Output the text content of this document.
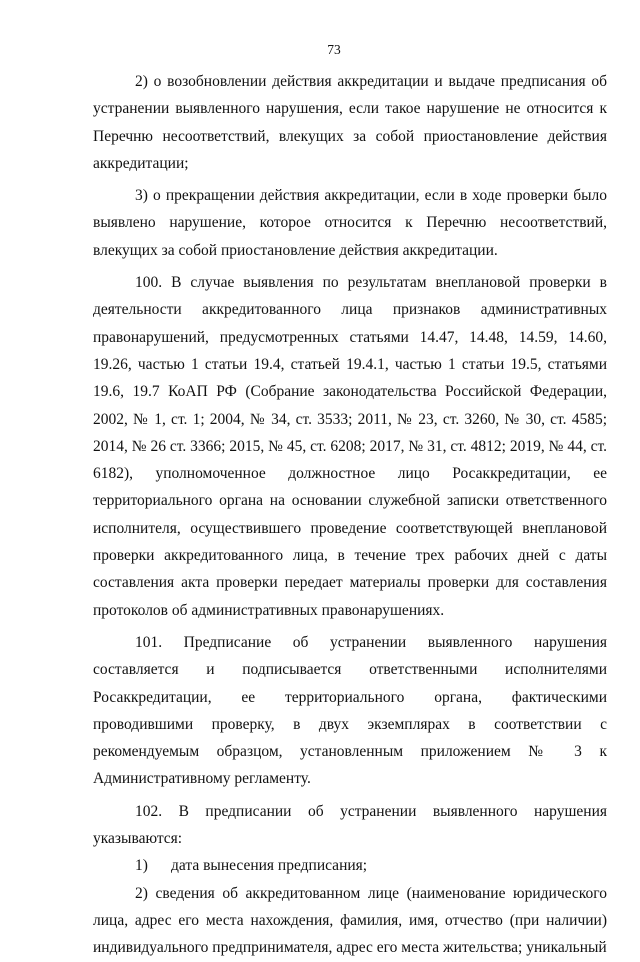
73

2) о возобновлении действия аккредитации и выдаче предписания об устранении выявленного нарушения, если такое нарушение не относится к Перечню несоответствий, влекущих за собой приостановление действия аккредитации;

3) о прекращении действия аккредитации, если в ходе проверки было выявлено нарушение, которое относится к Перечню несоответствий, влекущих за собой приостановление действия аккредитации.

100. В случае выявления по результатам внеплановой проверки в деятельности аккредитованного лица признаков административных правонарушений, предусмотренных статьями 14.47, 14.48, 14.59, 14.60, 19.26, частью 1 статьи 19.4, статьей 19.4.1, частью 1 статьи 19.5, статьями 19.6, 19.7 КоАП РФ (Собрание законодательства Российской Федерации, 2002, № 1, ст. 1; 2004, № 34, ст. 3533; 2011, № 23, ст. 3260, № 30, ст. 4585; 2014, № 26 ст. 3366; 2015, № 45, ст. 6208; 2017, № 31, ст. 4812; 2019, № 44, ст. 6182), уполномоченное должностное лицо Росаккредитации, ее территориального органа на основании служебной записки ответственного исполнителя, осуществившего проведение соответствующей внеплановой проверки аккредитованного лица, в течение трех рабочих дней с даты составления акта проверки передает материалы проверки для составления протоколов об административных правонарушениях.

101. Предписание об устранении выявленного нарушения составляется и подписывается ответственными исполнителями Росаккредитации, ее территориального органа, фактическими проводившими проверку, в двух экземплярах в соответствии с рекомендуемым образцом, установленным приложением № 3 к Административному регламенту.

102. В предписании об устранении выявленного нарушения указываются:

1) дата вынесения предписания;

2) сведения об аккредитованном лице (наименование юридического лица, адрес его места нахождения, фамилия, имя, отчество (при наличии) индивидуального предпринимателя, адрес его места жительства; уникальный
